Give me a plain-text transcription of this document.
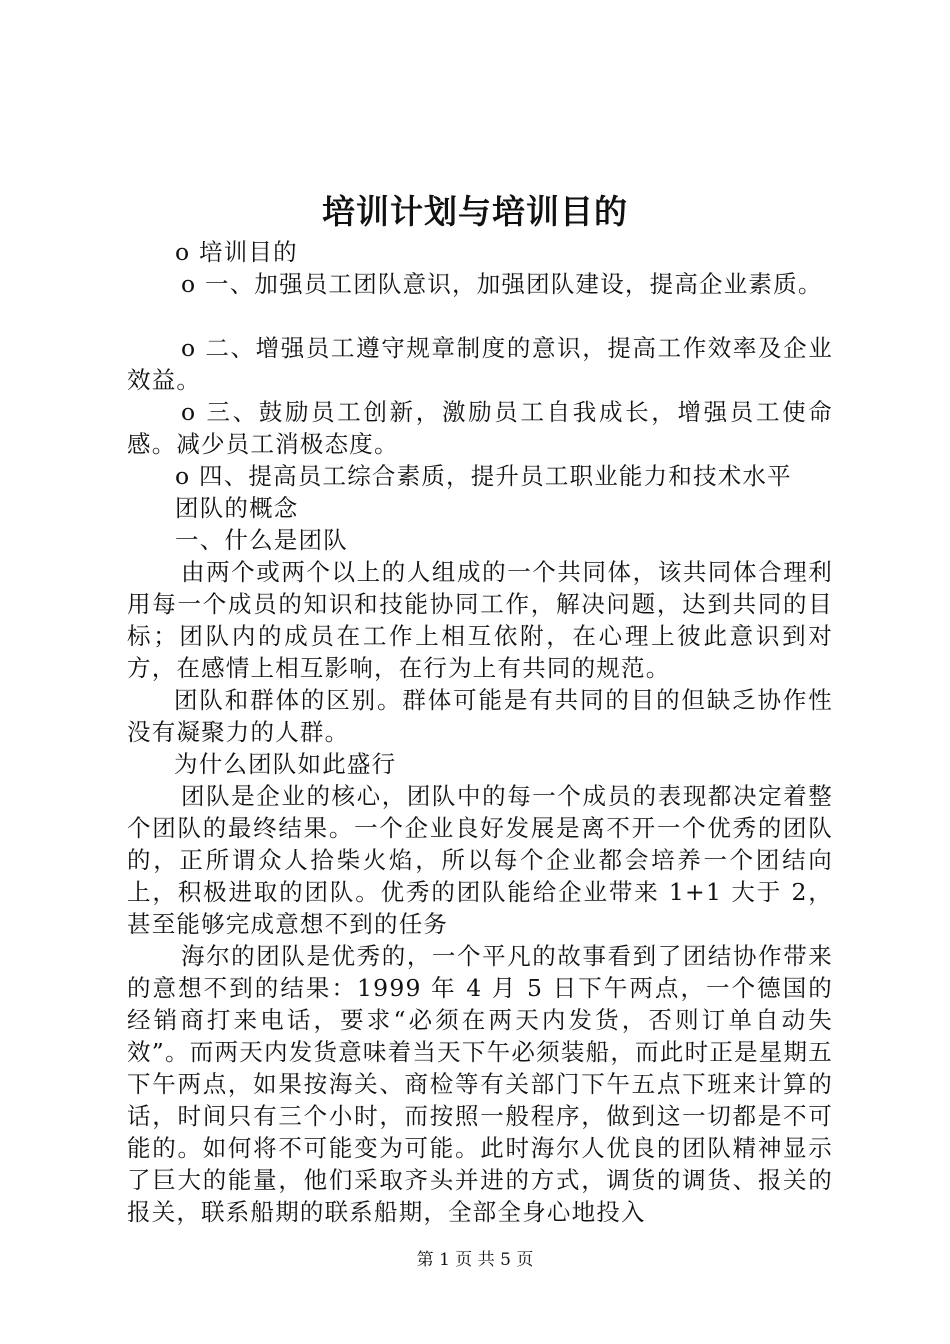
培训计划与培训目的

o 培训目的

o 一、加强员工团队意识，加强团队建设，提高企业素质。

o 二、增强员工遵守规章制度的意识，提高工作效率及企业效益。

o 三、鼓励员工创新，激励员工自我成长，增强员工使命感。减少员工消极态度。

o 四、提高员工综合素质，提升员工职业能力和技术水平

团队的概念

一、什么是团队

由两个或两个以上的人组成的一个共同体，该共同体合理利用每一个成员的知识和技能协同工作，解决问题，达到共同的目标；团队内的成员在工作上相互依附，在心理上彼此意识到对方，在感情上相互影响，在行为上有共同的规范。

团队和群体的区别。群体可能是有共同的目的但缺乏协作性没有凝聚力的人群。

为什么团队如此盛行

团队是企业的核心，团队中的每一个成员的表现都决定着整个团队的最终结果。一个企业良好发展是离不开一个优秀的团队的，正所谓众人拾柴火焰，所以每个企业都会培养一个团结向上，积极进取的团队。优秀的团队能给企业带来 1+1 大于 2，甚至能够完成意想不到的任务

海尔的团队是优秀的，一个平凡的故事看到了团结协作带来的意想不到的结果：1999 年 4 月 5 日下午两点，一个德国的经销商打来电话，要求“必须在两天内发货，否则订单自动失效”。而两天内发货意味着当天下午必须装船，而此时正是星期五下午两点，如果按海关、商检等有关部门下午五点下班来计算的话，时间只有三个小时，而按照一般程序，做到这一切都是不可能的。如何将不可能变为可能。此时海尔人优良的团队精神显示了巨大的能量，他们采取齐头并进的方式，调货的调货、报关的报关，联系船期的联系船期，全部全身心地投入

第 1 页 共 5 页
